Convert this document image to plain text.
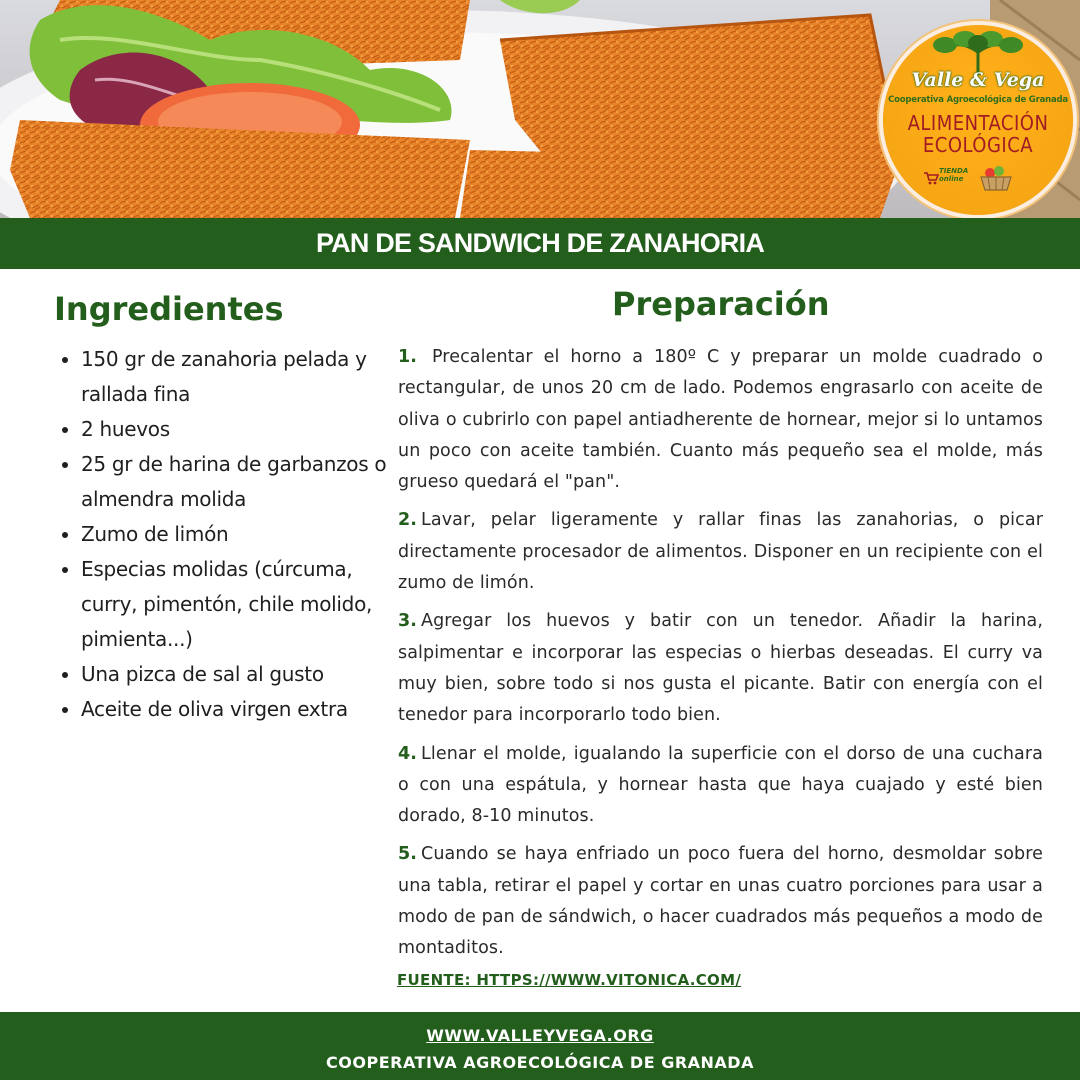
Valle & Vega
Cooperativa Agroecológica de Granada
ALIMENTACIÓN
ECOLÓGICA
TIENDA
online
PAN DE SANDWICH DE ZANAHORIA
Ingredientes
• 150 gr de zanahoria pelada y rallada fina
• 2 huevos
• 25 gr de harina de garbanzos o almendra molida
• Zumo de limón
• Especias molidas (cúrcuma, curry, pimentón, chile molido, pimienta...)
• Una pizca de sal al gusto
• Aceite de oliva virgen extra
Preparación

1. Precalentar el horno a 180º C y preparar un molde cuadrado o rectangular, de unos 20 cm de lado. Podemos engrasarlo con aceite de oliva o cubrirlo con papel antiadherente de hornear, mejor si lo untamos un poco con aceite también. Cuanto más pequeño sea el molde, más grueso quedará el "pan".

2. Lavar, pelar ligeramente y rallar finas las zanahorias, o picar directamente procesador de alimentos. Disponer en un recipiente con el zumo de limón.

3. Agregar los huevos y batir con un tenedor. Añadir la harina, salpimentar e incorporar las especias o hierbas deseadas. El curry va muy bien, sobre todo si nos gusta el picante. Batir con energía con el tenedor para incorporarlo todo bien.

4. Llenar el molde, igualando la superficie con el dorso de una cuchara o con una espátula, y hornear hasta que haya cuajado y esté bien dorado, 8-10 minutos.

5. Cuando se haya enfriado un poco fuera del horno, desmoldar sobre una tabla, retirar el papel y cortar en unas cuatro porciones para usar a modo de pan de sándwich, o hacer cuadrados más pequeños a modo de montaditos.

FUENTE: HTTPS://WWW.VITONICA.COM/
WWW.VALLEYVEGA.ORG
COOPERATIVA AGROECOLÓGICA DE GRANADA
